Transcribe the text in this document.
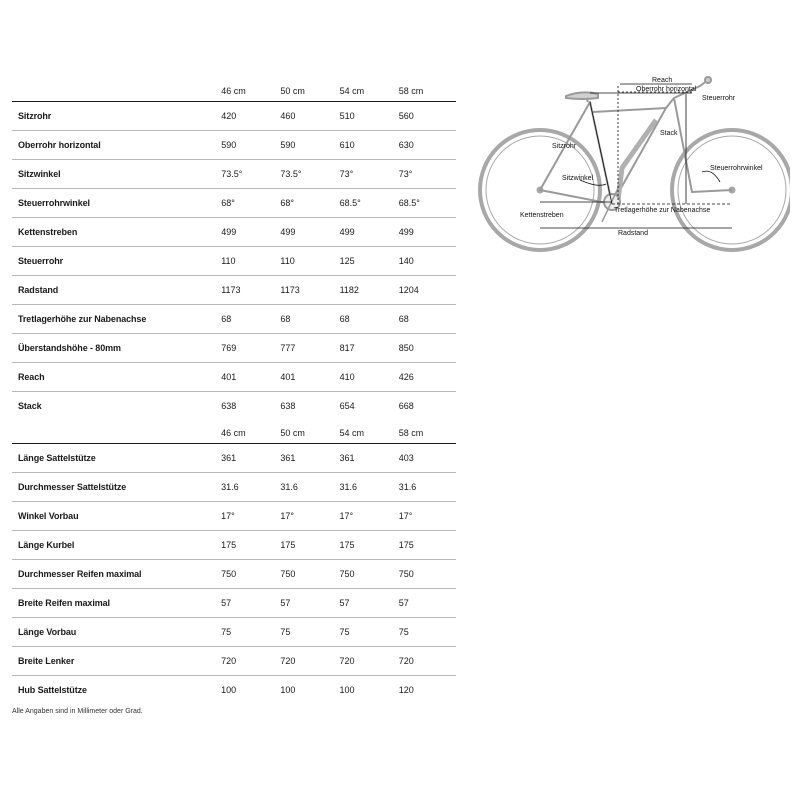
	46 cm	50 cm	54 cm	58 cm
Sitzrohr	420	460	510	560
Oberrohr horizontal	590	590	610	630
Sitzwinkel	73.5°	73.5°	73°	73°
Steuerrohrwinkel	68°	68°	68.5°	68.5°
Kettenstreben	499	499	499	499
Steuerrohr	110	110	125	140
Radstand	1173	1173	1182	1204
Tretlagerhöhe zur Nabenachse	68	68	68	68
Überstandshöhe - 80mm	769	777	817	850
Reach	401	401	410	426
Stack	638	638	654	668
	46 cm	50 cm	54 cm	58 cm
Länge Sattelstütze	361	361	361	403
Durchmesser Sattelstütze	31.6	31.6	31.6	31.6
Winkel Vorbau	17°	17°	17°	17°
Länge Kurbel	175	175	175	175
Durchmesser Reifen maximal	750	750	750	750
Breite Reifen maximal	57	57	57	57
Länge Vorbau	75	75	75	75
Breite Lenker	720	720	720	720
Hub Sattelstütze	100	100	100	120
Alle Angaben sind in Millimeter oder Grad.
Reach
Oberrohr horizontal
Steuerrohr
Stack
Sitzrohr
Steuerrohrwinkel
Sitzwinkel
Kettenstreben
Tretlagerhöhe zur Nabenachse
Radstand
